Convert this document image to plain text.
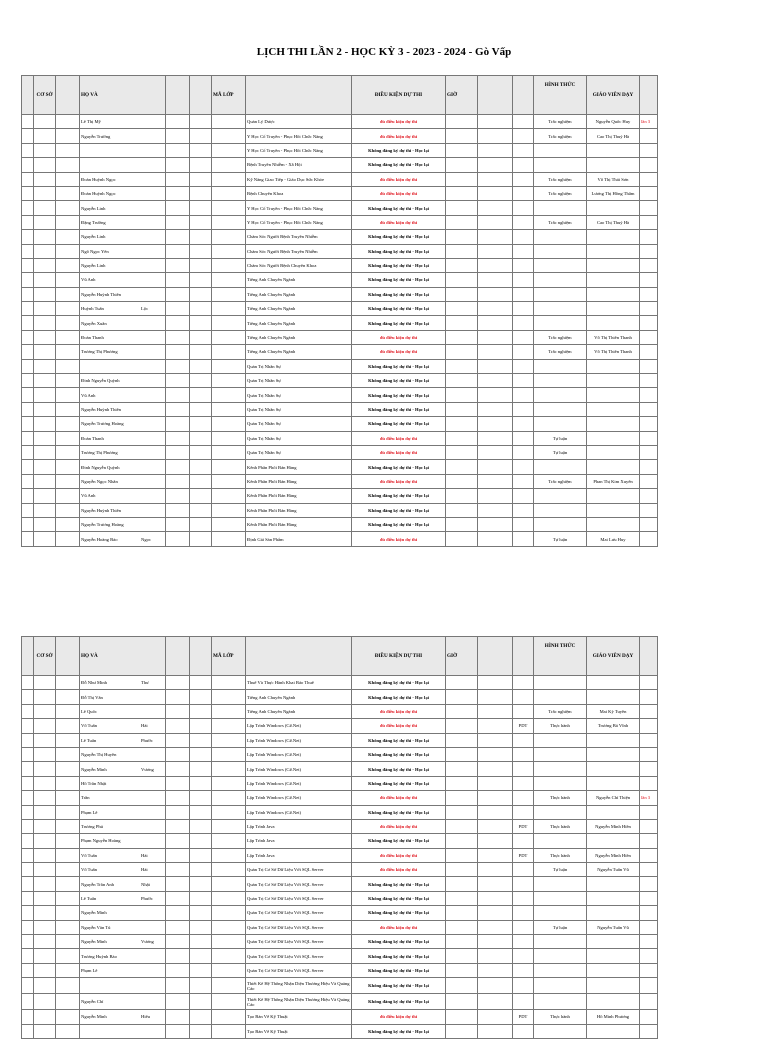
LỊCH THI LẦN 2 - HỌC KỲ 3 - 2023 - 2024 - Gò Vấp
	CƠ SỞ		HỌ VÀ			MÃ LỚP		ĐIỀU KIỆN DỰ THI	GIỜ			HÌNH THỨC	GIÁO VIÊN DẠY	
			Lê Thị Mỹ				Quản Lý Dược	đủ điều kiện dự thi				Trắc nghiệm	Nguyễn Quốc Huy	lần 3
			Nguyễn Trường				Y Học Cổ Truyền - Phục Hồi Chức Năng	đủ điều kiện dự thi				Trắc nghiệm	Cao Thị Thuý Hà	
							Y Học Cổ Truyền - Phục Hồi Chức Năng	Không đăng ký dự thi - Học lại						
							Bệnh Truyền Nhiễm - Xã Hội	Không đăng ký dự thi - Học lại						
			Đoàn Huỳnh Ngọc				Kỹ Năng Giao Tiếp - Giáo Dục Sức Khỏe	đủ điều kiện dự thi				Trắc nghiệm	Võ Thị Thái Sơn	
			Đoàn Huỳnh Ngọc				Bệnh Chuyên Khoa	đủ điều kiện dự thi				Trắc nghiệm	Lương Thị Hồng Thắm	
			Nguyễn Linh				Y Học Cổ Truyền - Phục Hồi Chức Năng	Không đăng ký dự thi - Học lại						
			Đặng Trường				Y Học Cổ Truyền - Phục Hồi Chức Năng	đủ điều kiện dự thi				Trắc nghiệm	Cao Thị Thuý Hà	
			Nguyễn Linh				Chăm Sóc Người Bệnh Truyền Nhiễm	Không đăng ký dự thi - Học lại						
			Ngô Ngọc Yến				Chăm Sóc Người Bệnh Truyền Nhiễm	Không đăng ký dự thi - Học lại						
			Nguyễn Linh				Chăm Sóc Người Bệnh Chuyên Khoa	Không đăng ký dự thi - Học lại						
			Vũ Anh				Tiếng Anh Chuyên Ngành	Không đăng ký dự thi - Học lại						
			Nguyễn Huỳnh Thiên				Tiếng Anh Chuyên Ngành	Không đăng ký dự thi - Học lại						
			Huỳnh Tuấn Lộc				Tiếng Anh Chuyên Ngành	Không đăng ký dự thi - Học lại						
			Nguyễn Xuân				Tiếng Anh Chuyên Ngành	Không đăng ký dự thi - Học lại						
			Đoàn Thanh				Tiếng Anh Chuyên Ngành	đủ điều kiện dự thi				Trắc nghiệm	Võ Thị Thiên Thanh	
			Trương Thị Phương				Tiếng Anh Chuyên Ngành	đủ điều kiện dự thi				Trắc nghiệm	Võ Thị Thiên Thanh	
							Quản Trị Nhân Sự	Không đăng ký dự thi - Học lại						
			Đinh Nguyễn Quỳnh				Quản Trị Nhân Sự	Không đăng ký dự thi - Học lại						
			Vũ Anh				Quản Trị Nhân Sự	Không đăng ký dự thi - Học lại						
			Nguyễn Huỳnh Thiên				Quản Trị Nhân Sự	Không đăng ký dự thi - Học lại						
			Nguyễn Trương Hoàng				Quản Trị Nhân Sự	Không đăng ký dự thi - Học lại						
			Đoàn Thanh				Quản Trị Nhân Sự	đủ điều kiện dự thi				Tự luận		
			Trương Thị Phương				Quản Trị Nhân Sự	đủ điều kiện dự thi				Tự luận		
			Đinh Nguyễn Quỳnh				Kênh Phân Phối Bán Hàng	Không đăng ký dự thi - Học lại						
			Nguyễn Ngọc Nhân				Kênh Phân Phối Bán Hàng	đủ điều kiện dự thi				Trắc nghiệm	Phan Thị Kim Xuyến	
			Vũ Anh				Kênh Phân Phối Bán Hàng	Không đăng ký dự thi - Học lại						
			Nguyễn Huỳnh Thiên				Kênh Phân Phối Bán Hàng	Không đăng ký dự thi - Học lại						
			Nguyễn Trương Hoàng				Kênh Phân Phối Bán Hàng	Không đăng ký dự thi - Học lại						
			Nguyễn Hoàng Bảo Ngọc				Định Giá Sản Phẩm	đủ điều kiện dự thi				Tự luận	Mai Lưu Huy	
	CƠ SỞ		HỌ VÀ			MÃ LỚP		ĐIỀU KIỆN DỰ THI	GIỜ			HÌNH THỨC	GIÁO VIÊN DẠY	
			Đỗ Như Minh Thư				Thuế Và Thực Hành Khai Báo Thuế	Không đăng ký dự thi - Học lại						
			Đỗ Thị Vân				Tiếng Anh Chuyên Ngành	Không đăng ký dự thi - Học lại						
			Lê Quốc				Tiếng Anh Chuyên Ngành	đủ điều kiện dự thi				Trắc nghiệm	Mai Kỳ Tuyền	
			Võ Tuấn Hải				Lập Trình Windows (C#.Net)	đủ điều kiện dự thi			PDT	Thực hành	Trương Bá Vĩnh	
			Lê Tuấn Phước				Lập Trình Windows (C#.Net)	Không đăng ký dự thi - Học lại						
			Nguyễn Thị Huyền				Lập Trình Windows (C#.Net)	Không đăng ký dự thi - Học lại						
			Nguyễn Minh Vương				Lập Trình Windows (C#.Net)	Không đăng ký dự thi - Học lại						
			Hồ Trần Nhật				Lập Trình Windows (C#.Net)	Không đăng ký dự thi - Học lại						
			Trần				Lập Trình Windows (C#.Net)	đủ điều kiện dự thi				Thực hành	Nguyễn Chí Thiện	lần 3
			Phạm Lê				Lập Trình Windows (C#.Net)	Không đăng ký dự thi - Học lại						
			Trương Phú				Lập Trình Java	đủ điều kiện dự thi			PDT	Thực hành	Nguyễn Minh Hiền	
			Phạm Nguyễn Hoàng				Lập Trình Java	Không đăng ký dự thi - Học lại						
			Võ Tuấn Hải				Lập Trình Java	đủ điều kiện dự thi			PDT	Thực hành	Nguyễn Minh Hiền	
			Võ Tuấn Hải				Quản Trị Cơ Sở Dữ Liệu Với SQL Server	đủ điều kiện dự thi				Tự luận	Nguyễn Tuấn Vũ	
			Nguyễn Trần Anh Nhật				Quản Trị Cơ Sở Dữ Liệu Với SQL Server	Không đăng ký dự thi - Học lại						
			Lê Tuấn Phước				Quản Trị Cơ Sở Dữ Liệu Với SQL Server	Không đăng ký dự thi - Học lại						
			Nguyễn Minh				Quản Trị Cơ Sở Dữ Liệu Với SQL Server	Không đăng ký dự thi - Học lại						
			Nguyễn Văn Tú				Quản Trị Cơ Sở Dữ Liệu Với SQL Server	đủ điều kiện dự thi				Tự luận	Nguyễn Tuấn Vũ	
			Nguyễn Minh Vương				Quản Trị Cơ Sở Dữ Liệu Với SQL Server	Không đăng ký dự thi - Học lại						
			Trương Huỳnh Bảo				Quản Trị Cơ Sở Dữ Liệu Với SQL Server	Không đăng ký dự thi - Học lại						
			Phạm Lê				Quản Trị Cơ Sở Dữ Liệu Với SQL Server	Không đăng ký dự thi - Học lại						
							Thiết Kế Hệ Thống Nhận Diện Thương Hiệu Và Quảng Cáo	Không đăng ký dự thi - Học lại						
			Nguyễn Chí				Thiết Kế Hệ Thống Nhận Diện Thương Hiệu Và Quảng Cáo	Không đăng ký dự thi - Học lại						
			Nguyễn Minh Hiếu				Tạo Bản Vẽ Kỹ Thuật	đủ điều kiện dự thi			PDT	Thực hành	Hồ Minh Phương	
							Tạo Bản Vẽ Kỹ Thuật	Không đăng ký dự thi - Học lại						
